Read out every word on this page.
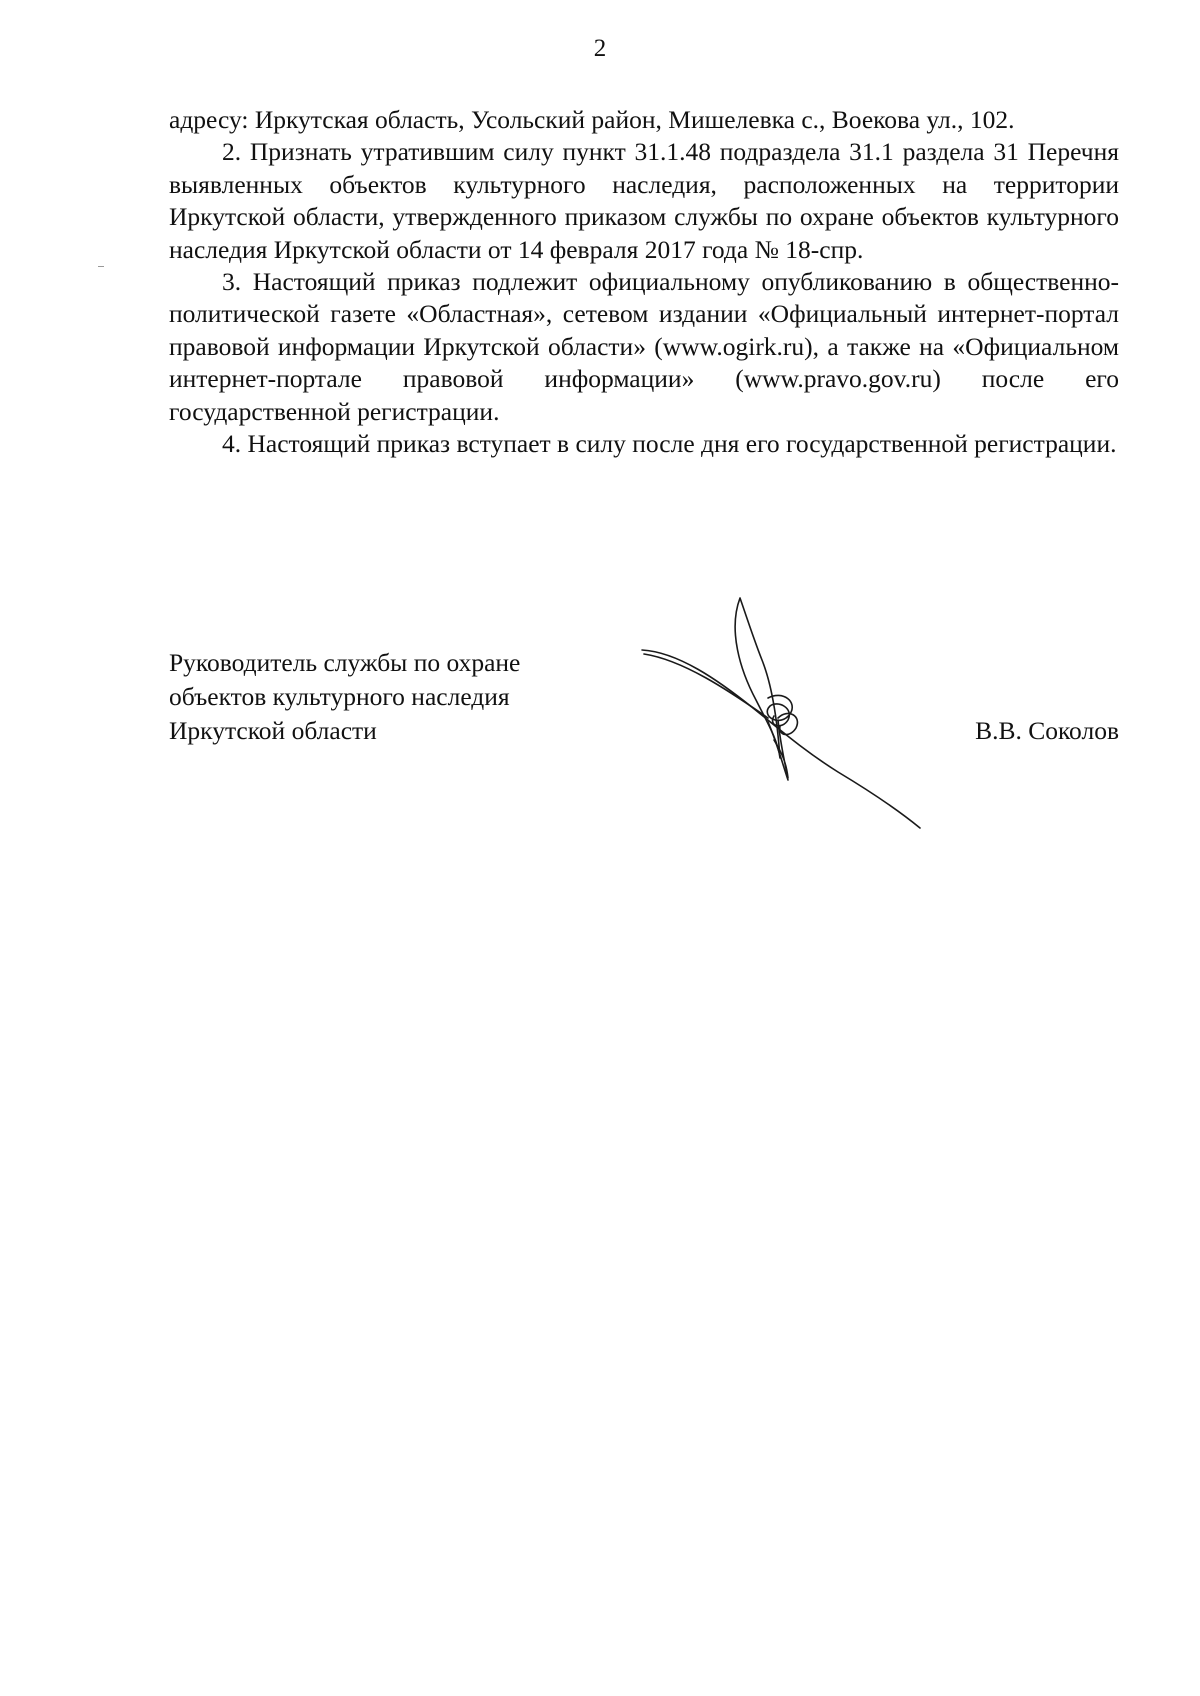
2

адресу: Иркутская область, Усольский район, Мишелевка с., Воекова ул., 102.

2. Признать утратившим силу пункт 31.1.48 подраздела 31.1 раздела 31 Перечня выявленных объектов культурного наследия, расположенных на территории Иркутской области, утвержденного приказом службы по охране объектов культурного наследия Иркутской области от 14 февраля 2017 года № 18-спр.

3. Настоящий приказ подлежит официальному опубликованию в общественно-политической газете «Областная», сетевом издании «Официальный интернет-портал правовой информации Иркутской области» (www.ogirk.ru), а также на «Официальном интернет-портале правовой информации» (www.pravo.gov.ru) после его государственной регистрации.

4. Настоящий приказ вступает в силу после дня его государственной регистрации.

Руководитель службы по охране
объектов культурного наследия
Иркутской области	В.В. Соколов
